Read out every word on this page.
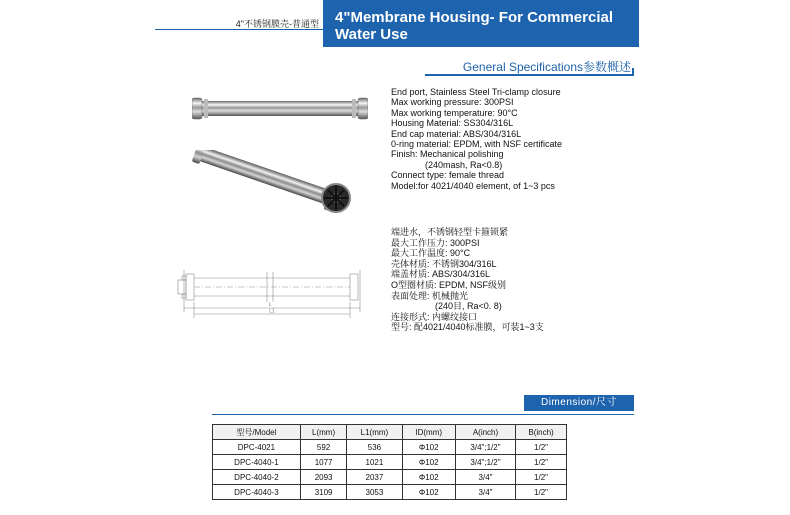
4"不锈钢膜壳-普通型 4"Membrane Housing- For Commercial
Water Use
General Specifications参数概述
L
L1
End port, Stainless Steel Tri-clamp closure
Max working pressure: 300PSI
Max working temperature: 90°C
Housing Material: SS304/316L
End cap material: ABS/304/316L
0-ring material: EPDM, with NSF certificate
Finish: Mechanical polishing
(240mash, Ra<0.8)
Connect type: female thread
Model:for 4021/4040 element, of 1~3 pcs
端进水，不锈钢轻型卡箍锁紧
最大工作压力: 300PSI
最大工作温度: 90°C
壳体材质: 不锈钢304/316L
端盖材质: ABS/304/316L
O型圈材质: EPDM, NSF级别
表面处理: 机械抛光
(240目, Ra<0. 8)
连接形式: 内螺纹接口
型号: 配4021/4040标准膜，可装1~3支
Dimension/尺寸
型号/Model	L(mm)	L1(mm)	ID(mm)	A(inch)	B(inch)
DPC-4021	592	536	Φ102	3/4";1/2"	1/2"
DPC-4040-1	1077	1021	Φ102	3/4";1/2"	1/2"
DPC-4040-2	2093	2037	Φ102	3/4"	1/2"
DPC-4040-3	3109	3053	Φ102	3/4"	1/2"
